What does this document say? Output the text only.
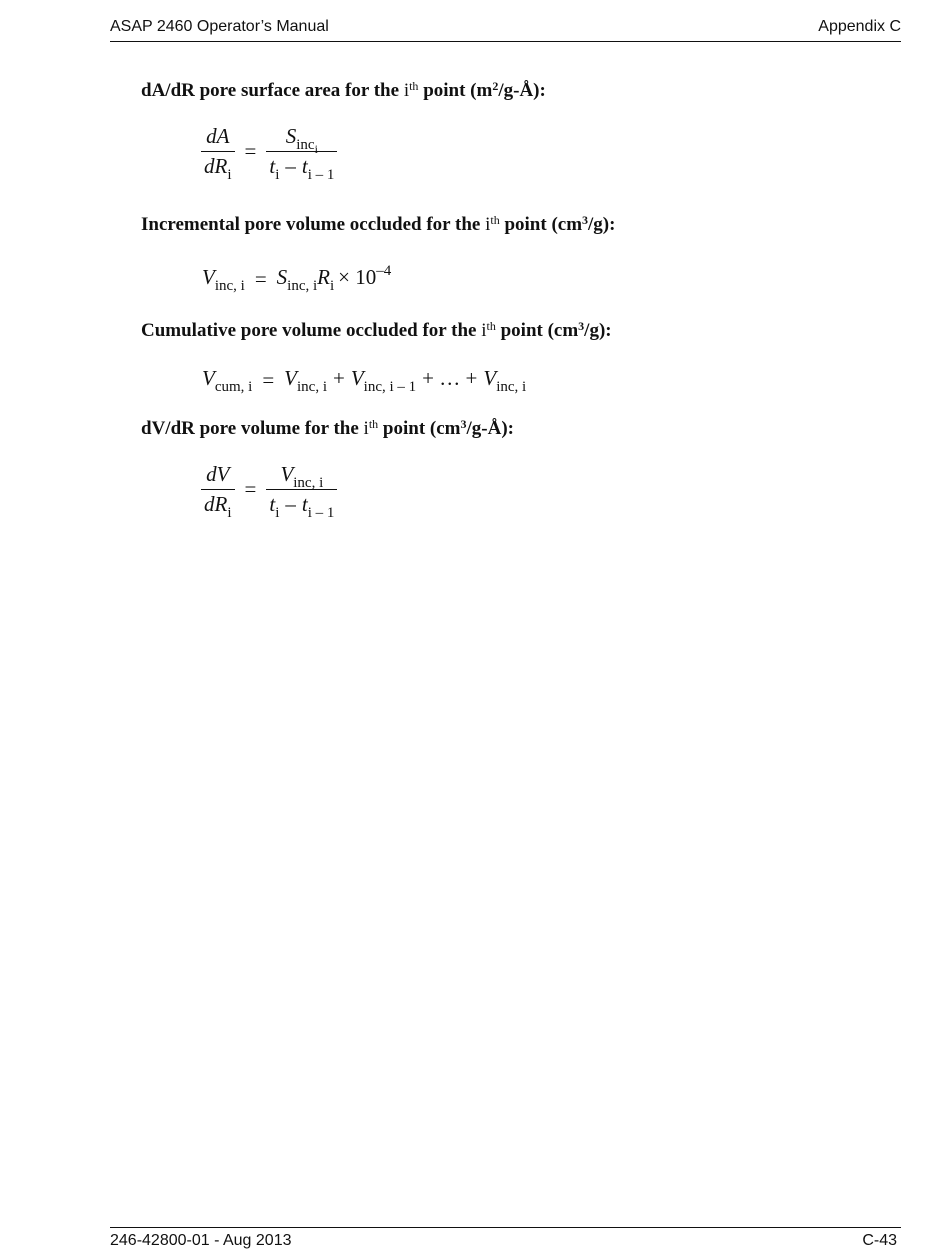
ASAP 2460 Operator’s Manual	Appendix C
dA/dR pore surface area for the $i^{th}$ point $(m^2/g-Å)$:
$\frac{dA}{dR_i} = \frac{S_{inci}}{t_i - t_{i - 1}}$
Incremental pore volume occluded for the $i^{th}$ point $(cm^3/g)$:
$V_{inc, i} = S_{inc, i}R_i \times 10^{-4}$
Cumulative pore volume occluded for the $i^{th}$ point $(cm^3/g)$:
$V_{cum, i} = V_{inc, i} + V_{inc, i - 1}$ + … + $V_{inc, i}$
dV/dR pore volume for the $i^{th}$ point $(cm^3/g-Å)$:
$\frac{dV}{dR_i} = \frac{V_{inc, i}}{t_i - t_{i - 1}}$
246-42800-01 - Aug 2013	C-43
